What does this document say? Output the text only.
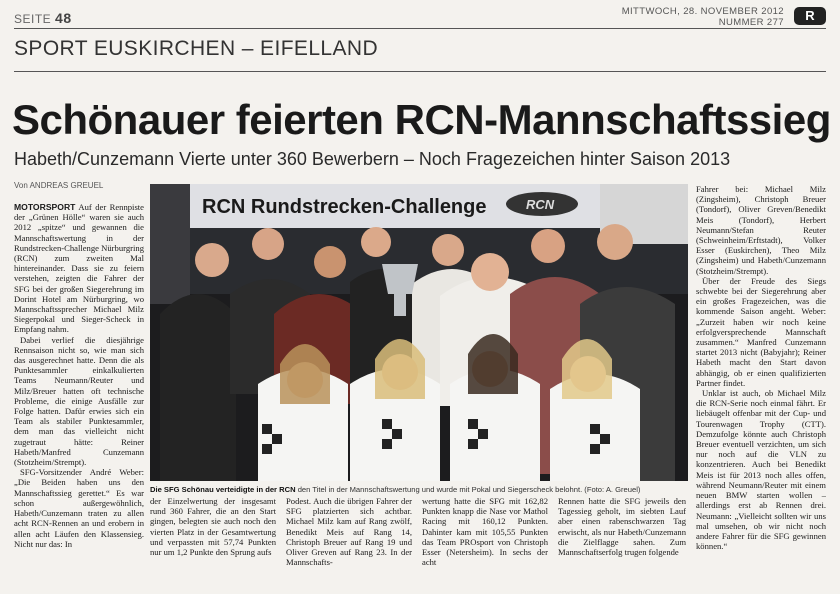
SEITE 48	MITTWOCH, 28. NOVEMBER 2012
NUMMER 277	R
SPORT EUSKIRCHEN – EIFELLAND
Schönauer feierten RCN-Mannschaftssieg
Habeth/Cunzemann Vierte unter 360 Bewerbern – Noch Fragezeichen hinter Saison 2013
Von ANDREAS GREUEL

MOTORSPORT Auf der Rennpiste der „Grünen Hölle“ waren sie auch 2012 „spitze“ und gewannen die Mannschaftswertung in der Rundstrecken-Challenge Nürburgring (RCN) zum zweiten Mal hintereinander. Dass sie zu feiern verstehen, zeigten die Fahrer der SFG bei der großen Siegerehrung im Dorint Hotel am Nürburgring, wo Mannschaftssprecher Michael Milz Siegerpokal und Sieger-Scheck in Empfang nahm.

Dabei verlief die diesjährige Rennsaison nicht so, wie man sich das ausgerechnet hatte. Denn die als Punktesammler einkalkulierten Teams Neumann/Reuter und Milz/Breuer hatten oft technische Probleme, die einige Ausfälle zur Folge hatten. Dafür erwies sich ein Team als stabiler Punktesammler, dem man das vielleicht nicht zugetraut hätte: Reiner Habeth/Manfred Cunzemann (Stotzheim/Strempt).

SFG-Vorsitzender André Weber: „Die Beiden haben uns den Mannschaftssieg gerettet.“ Es war schon außergewöhnlich, Habeth/Cunzemann traten zu allen acht RCN-Rennen an und erobern in allen acht Läufen den Klassensieg. Nicht nur das: In

RCN Rundstrecken-Challenge	RCN
Die SFG Schönau verteidigte in der RCN den Titel in der Mannschaftswertung und wurde mit Pokal und Siegerscheck belohnt. (Foto: A. Greuel)

der Einzelwertung der insgesamt rund 360 Fahrer, die an den Start gingen, belegten sie auch noch den vierten Platz in der Gesamtwertung und verpassten mit 57,74 Punkten nur um 1,2 Punkte den Sprung aufs

Podest. Auch die übrigen Fahrer der SFG platzierten sich achtbar. Michael Milz kam auf Rang zwölf, Benedikt Meis auf Rang 14, Christoph Breuer auf Rang 19 und Oliver Greven auf Rang 23. In der Mannschafts-

wertung hatte die SFG mit 162,82 Punkten knapp die Nase vor Mathol Racing mit 160,12 Punkten. Dahinter kam mit 105,55 Punkten das Team PROsport von Christoph Esser (Netersheim). In sechs der acht

Rennen hatte die SFG jeweils den Tagessieg geholt, im siebten Lauf aber einen rabenschwarzen Tag erwischt, als nur Habeth/Cunzemann die Zielflagge sahen. Zum Mannschaftserfolg trugen folgende

Fahrer bei: Michael Milz (Zingsheim), Christoph Breuer (Tondorf), Oliver Greven/Benedikt Meis (Tondorf), Herbert Neumann/Stefan Reuter (Schweinheim/Erftstadt), Volker Esser (Euskirchen), Theo Milz (Zingsheim) und Habeth/Cunzemann (Stotzheim/Strempt).

Über der Freude des Siegs schwebte bei der Siegerehrung aber ein großes Fragezeichen, was die kommende Saison angeht. Weber: „Zurzeit haben wir noch keine erfolgversprechende Mannschaft zusammen.“ Manfred Cunzemann startet 2013 nicht (Babyjahr); Reiner Habeth macht den Start davon abhängig, ob er einen qualifizierten Partner findet.

Unklar ist auch, ob Michael Milz die RCN-Serie noch einmal fährt. Er liebäugelt offenbar mit der Cup- und Tourenwagen Trophy (CTT). Demzufolge könnte auch Christoph Breuer eventuell verzichten, um sich nur noch auf die VLN zu konzentrieren. Auch bei Benedikt Meis ist für 2013 noch alles offen, während Neumann/Reuter mit einem neuen BMW starten wollen – allerdings erst ab Rennen drei. Neumann: „Vielleicht sollten wir uns mal umsehen, ob wir nicht noch andere Fahrer für die SFG gewinnen können.“
